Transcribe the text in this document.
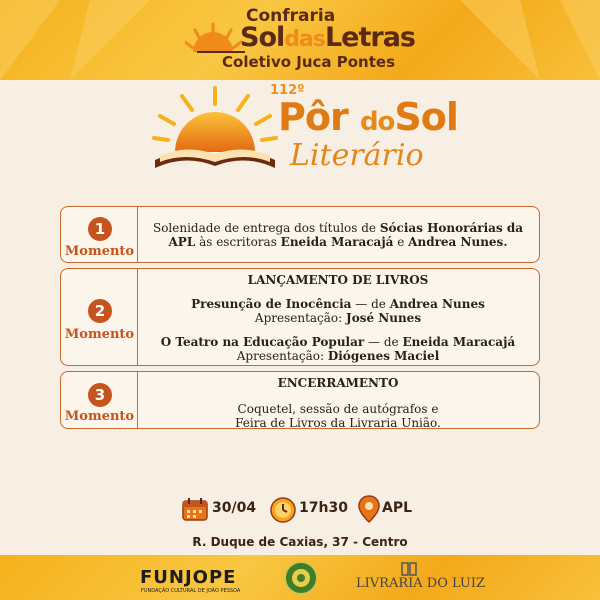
Confraria
SoldasLetras
Coletivo Juca Pontes
112º
Pôr doSol
Literário
1
Momento
Solenidade de entrega dos títulos de Sócias Honorárias da
APL às escritoras Eneida Maracajá e Andrea Nunes.
2
Momento
LANÇAMENTO DE LIVROS
Presunção de Inocência — de Andrea Nunes
Apresentação: José Nunes
O Teatro na Educação Popular — de Eneida Maracajá
Apresentação: Diógenes Maciel
3
Momento
ENCERRAMENTO
Coquetel, sessão de autógrafos e
Feira de Livros da Livraria União.
30/04	17h30 APL
R. Duque de Caxias, 37 - Centro
FUNJOPE
FUNDAÇÃO CULTURAL DE JOÃO PESSOA	LIVRARIA DO LUIZ
